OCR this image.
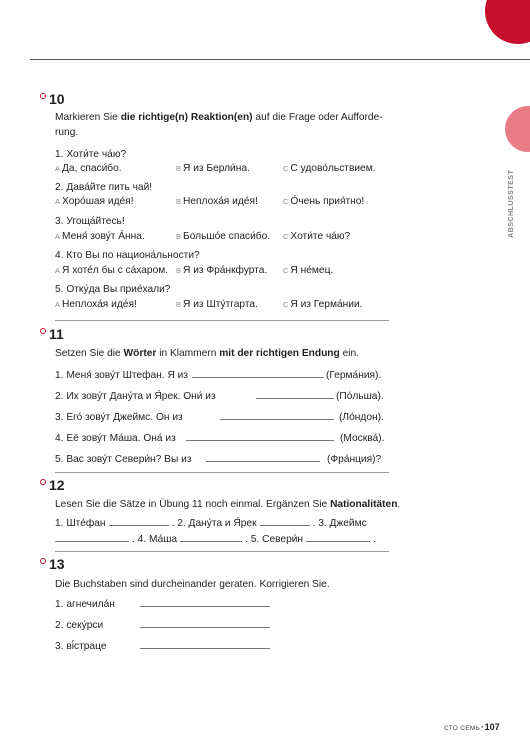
ABSCHLUSSTEST
10
Markieren Sie die richtige(n) Reaktion(en) auf die Frage oder Aufforde-
rung.
1. Хоти́те ча́ю?
A Да, спаси́бо.	B Я из Берли́на.	C С удово́льствием.
2. Дава́йте пить чай!
A Хоро́шая иде́я!	B Неплоха́я иде́я!	C О́чень прия́тно!
3. Угоща́йтесь!
A Меня́ зову́т А́нна.	B Большо́е спаси́бо. C Хоти́те ча́ю?
4. Кто Вы по национа́льности?
A Я хоте́л бы с са́харом. B Я из Фра́нкфурта. C Я не́мец.
5. Отку́да Вы прие́хали?
A Неплоха́я иде́я!	B Я из Шту́тгарта.	C Я из Герма́нии.
11
Setzen Sie die Wörter in Klammern mit der richtigen Endung ein.
1. Меня́ зову́т Штефан. Я из	(Герма́ния).
2. Их зову́т Дану́та и Я́рек. Они́ из	(По́льша).
3. Его́ зову́т Джеймс. Он из	(Ло́ндон).
4. Её зову́т Ма́ша. Она́ из	(Москва́).
5. Вас зову́т Севери́н? Вы из	(Фра́нция)?
12
Lesen Sie die Sätze in Übung 11 noch einmal. Ergänzen Sie Nationalitäten.
1. Ште́фан	. 2. Дану́та и Я́рек	. 3. Джеймс
. 4. Ма́ша	. 5. Севери́н	.
13
Die Buchstaben sind durcheinander geraten. Korrigieren Sie.
1. агнечила́н
2. секу́рси
3. ві́страце
СТО СЕМЬ*107
